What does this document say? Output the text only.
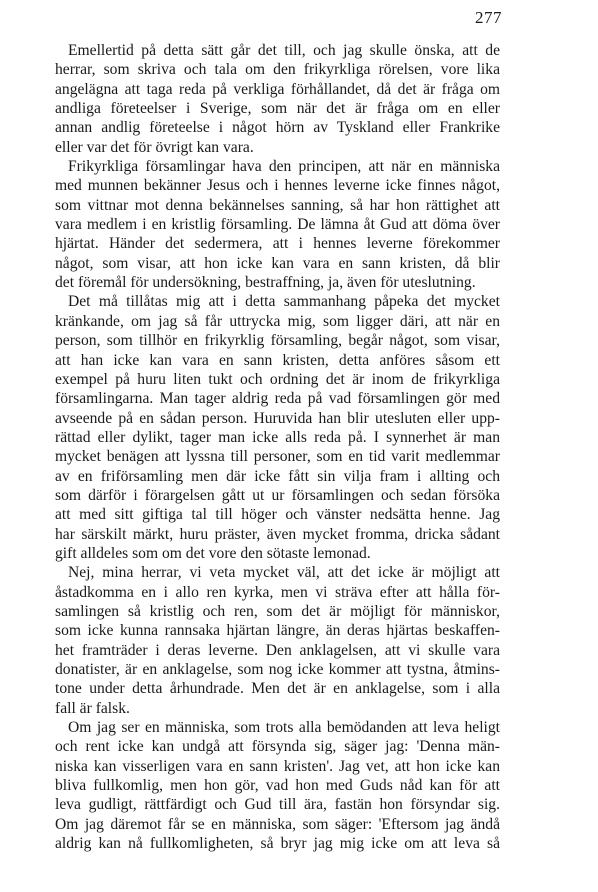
277
Emellertid på detta sätt går det till, och jag skulle önska, att de
herrar, som skriva och tala om den frikyrkliga rörelsen, vore lika
angelägna att taga reda på verkliga förhållandet, då det är fråga om
andliga företeelser i Sverige, som när det är fråga om en eller
annan andlig företeelse i något hörn av Tyskland eller Frankrike
eller var det för övrigt kan vara.
Frikyrkliga församlingar hava den principen, att när en människa
med munnen bekänner Jesus och i hennes leverne icke finnes något,
som vittnar mot denna bekännelses sanning, så har hon rättighet att
vara medlem i en kristlig församling. De lämna åt Gud att döma över
hjärtat. Händer det sedermera, att i hennes leverne förekommer
något, som visar, att hon icke kan vara en sann kristen, då blir
det föremål för undersökning, bestraffning, ja, även för uteslutning.
Det må tillåtas mig att i detta sammanhang påpeka det mycket
kränkande, om jag så får uttrycka mig, som ligger däri, att när en
person, som tillhör en frikyrklig församling, begår något, som visar,
att han icke kan vara en sann kristen, detta anföres såsom ett
exempel på huru liten tukt och ordning det är inom de frikyrkliga
församlingarna. Man tager aldrig reda på vad församlingen gör med
avseende på en sådan person. Huruvida han blir utesluten eller upp-
rättad eller dylikt, tager man icke alls reda på. I synnerhet är man
mycket benägen att lyssna till personer, som en tid varit medlemmar
av en friförsamling men där icke fått sin vilja fram i allting och
som därför i förargelsen gått ut ur församlingen och sedan försöka
att med sitt giftiga tal till höger och vänster nedsätta henne. Jag
har särskilt märkt, huru präster, även mycket fromma, dricka sådant
gift alldeles som om det vore den sötaste lemonad.
Nej, mina herrar, vi veta mycket väl, att det icke är möjligt att
åstadkomma en i allo ren kyrka, men vi sträva efter att hålla för-
samlingen så kristlig och ren, som det är möjligt för människor,
som icke kunna rannsaka hjärtan längre, än deras hjärtas beskaffen-
het framträder i deras leverne. Den anklagelsen, att vi skulle vara
donatister, är en anklagelse, som nog icke kommer att tystna, åtmins-
tone under detta århundrade. Men det är en anklagelse, som i alla
fall är falsk.
Om jag ser en människa, som trots alla bemödanden att leva heligt
och rent icke kan undgå att försynda sig, säger jag: 'Denna män-
niska kan visserligen vara en sann kristen'. Jag vet, att hon icke kan
bliva fullkomlig, men hon gör, vad hon med Guds nåd kan för att
leva gudligt, rättfärdigt och Gud till ära, fastän hon försyndar sig.
Om jag däremot får se en människa, som säger: 'Eftersom jag ändå
aldrig kan nå fullkomligheten, så bryr jag mig icke om att leva så
